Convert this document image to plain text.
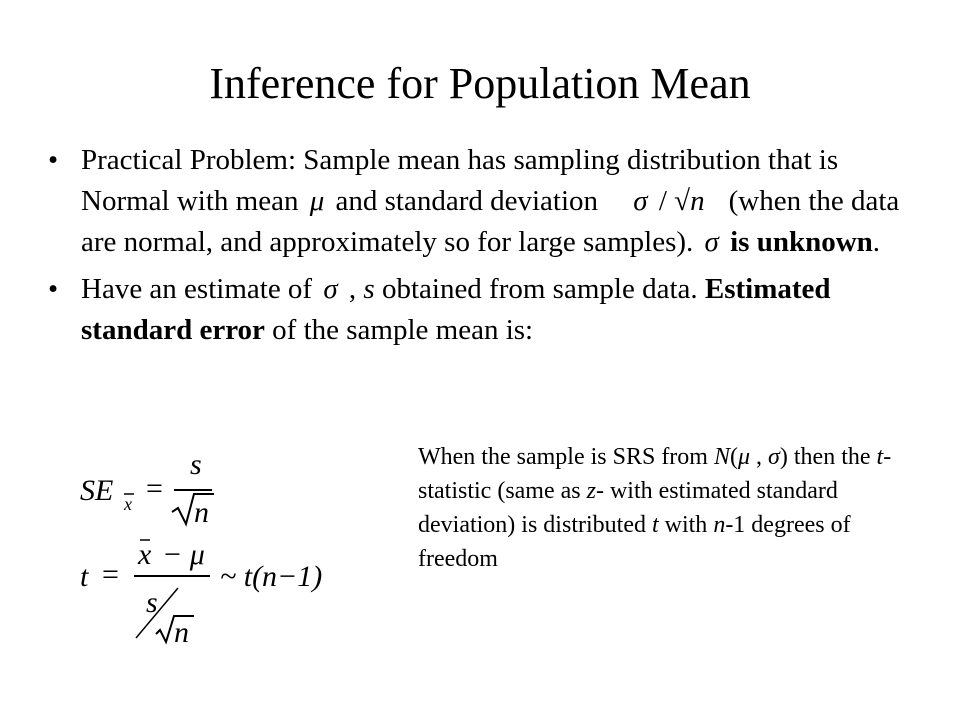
Inference for Population Mean
• Practical Problem: Sample mean has sampling distribution that is Normal with mean μ and standard deviation σ / √n (when the data are normal, and approximately so for large samples). σ is unknown.
• Have an estimate of σ , s obtained from sample data. Estimated standard error of the sample mean is:
SE x =
s
n
t =
x − μ
s
n
~ t(n−1)
When the sample is SRS from N(μ , σ) then the t-statistic (same as z- with estimated standard deviation) is distributed t with n-1 degrees of freedom
